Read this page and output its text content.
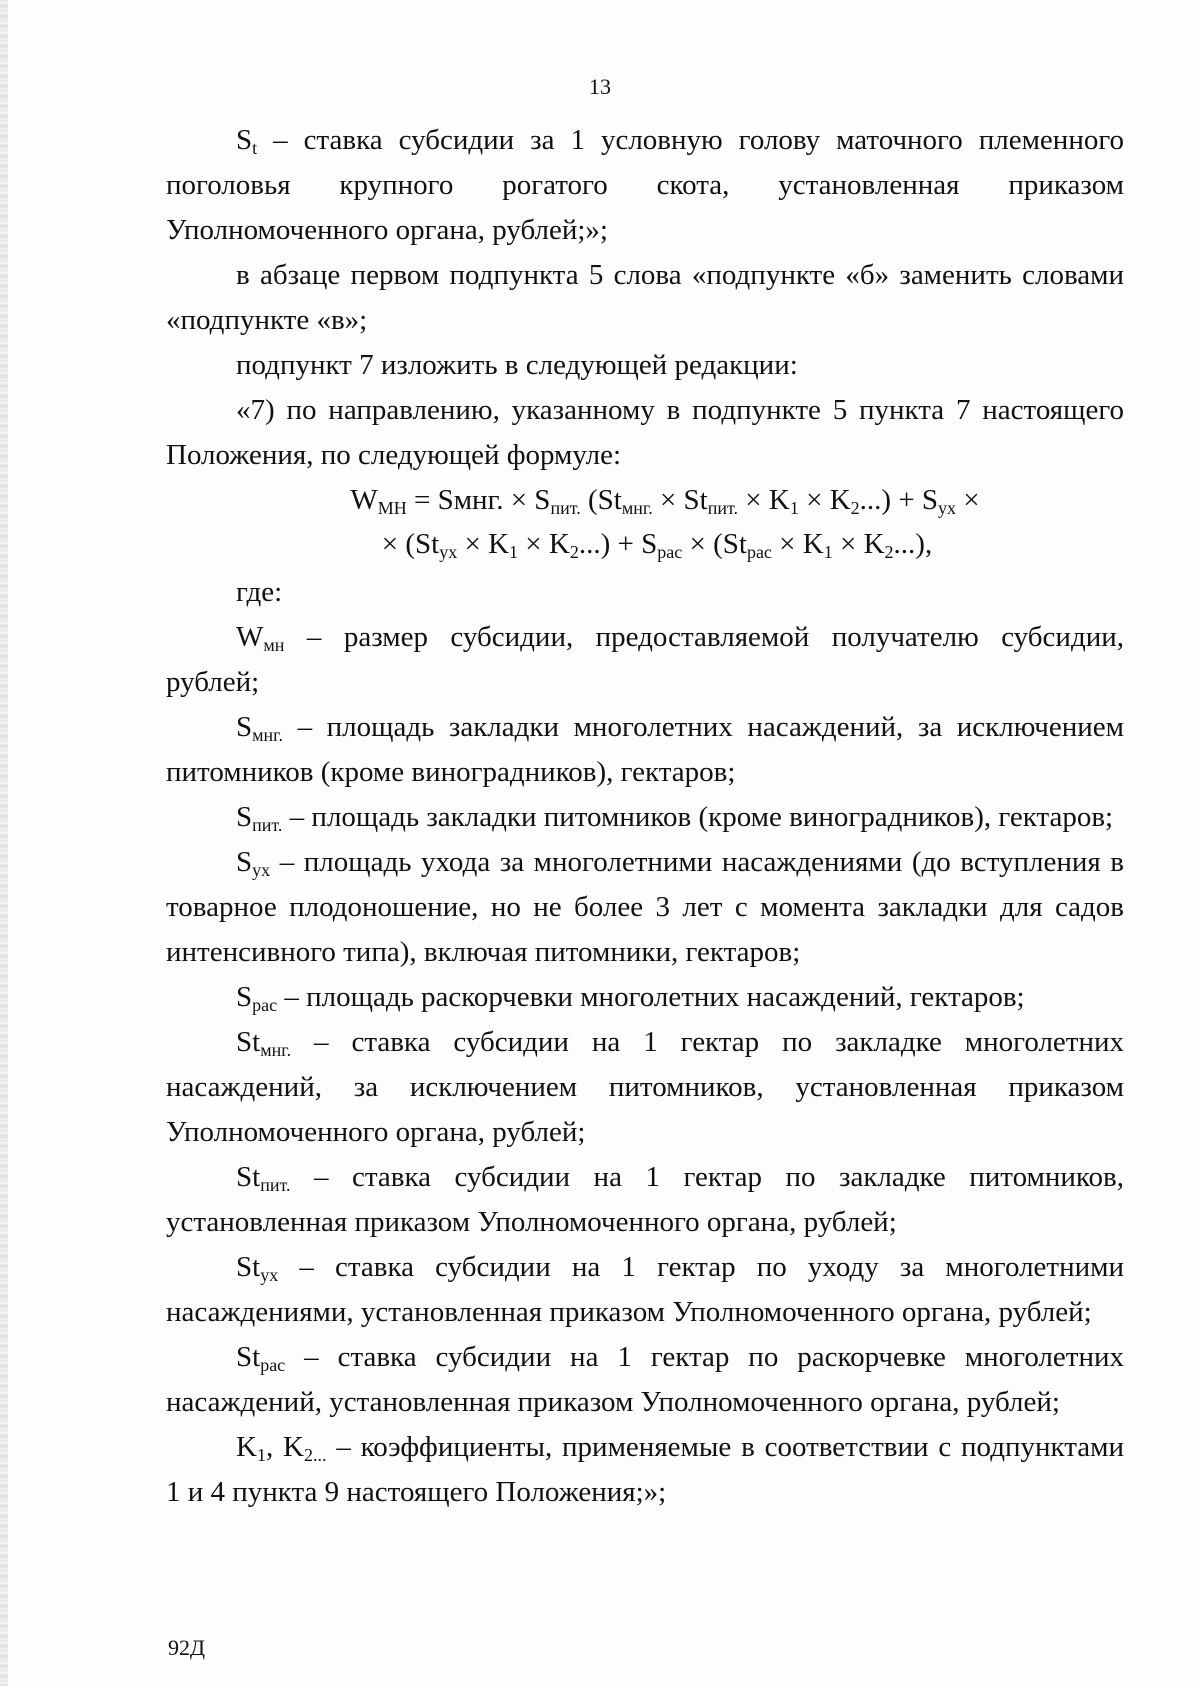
13

$S_t$ – ставка субсидии за 1 условную голову маточного племенного поголовья крупного рогатого скота, установленная приказом Уполномоченного органа, рублей;»;

в абзаце первом подпункта 5 слова «подпункте «б» заменить словами «подпункте «в»;

подпункт 7 изложить в следующей редакции:

«7) по направлению, указанному в подпункте 5 пункта 7 настоящего Положения, по следующей формуле:

$W_{MH}$ = Sмнг. × $S_{пит.}$ $(St_{мнг.} \times St_{пит.} \times K_1 \times K_2...) + S_{ух}$ ×
× $(St_{ух} \times K_1 \times K_2...) + S_{рас} \times (St_{рас} \times K_1 \times K_2...)$,

где:

$W_{мн}$ – размер субсидии, предоставляемой получателю субсидии, рублей;

$S_{мнг.}$ – площадь закладки многолетних насаждений, за исключением питомников (кроме виноградников), гектаров;

$S_{пит.}$ – площадь закладки питомников (кроме виноградников), гектаров;

$S_{ух}$ – площадь ухода за многолетними насаждениями (до вступления в товарное плодоношение, но не более 3 лет с момента закладки для садов интенсивного типа), включая питомники, гектаров;

$S_{рас}$ – площадь раскорчевки многолетних насаждений, гектаров;

$St_{мнг.}$ – ставка субсидии на 1 гектар по закладке многолетних насаждений, за исключением питомников, установленная приказом Уполномоченного органа, рублей;

$St_{пит.}$ – ставка субсидии на 1 гектар по закладке питомников, установленная приказом Уполномоченного органа, рублей;

$St_{ух}$ – ставка субсидии на 1 гектар по уходу за многолетними насаждениями, установленная приказом Уполномоченного органа, рублей;

$St_{рас}$ – ставка субсидии на 1 гектар по раскорчевке многолетних насаждений, установленная приказом Уполномоченного органа, рублей;

$K_1$, $K_{2...}$ – коэффициенты, применяемые в соответствии с подпунктами 1 и 4 пункта 9 настоящего Положения;»;

92Д
